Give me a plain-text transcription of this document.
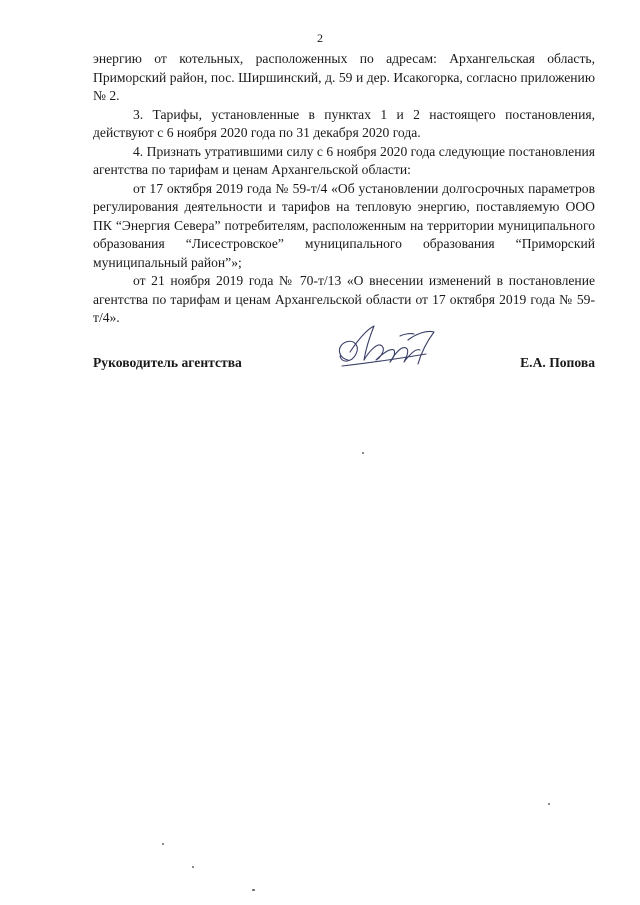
2

энергию от котельных, расположенных по адресам: Архангельская область, Приморский район, пос. Ширшинский, д. 59 и дер. Исакогорка, согласно приложению № 2.

3. Тарифы, установленные в пунктах 1 и 2 настоящего постановления, действуют с 6 ноября 2020 года по 31 декабря 2020 года.

4. Признать утратившими силу с 6 ноября 2020 года следующие постановления агентства по тарифам и ценам Архангельской области:

от 17 октября 2019 года № 59-т/4 «Об установлении долгосрочных параметров регулирования деятельности и тарифов на тепловую энергию, поставляемую ООО ПК “Энергия Севера” потребителям, расположенным на территории муниципального образования “Лисестровское” муниципального образования “Приморский муниципальный район”»;

от 21 ноября 2019 года № 70-т/13 «О внесении изменений в постановление агентства по тарифам и ценам Архангельской области от 17 октября 2019 года № 59-т/4».

Руководитель агентства	Е.А. Попова
